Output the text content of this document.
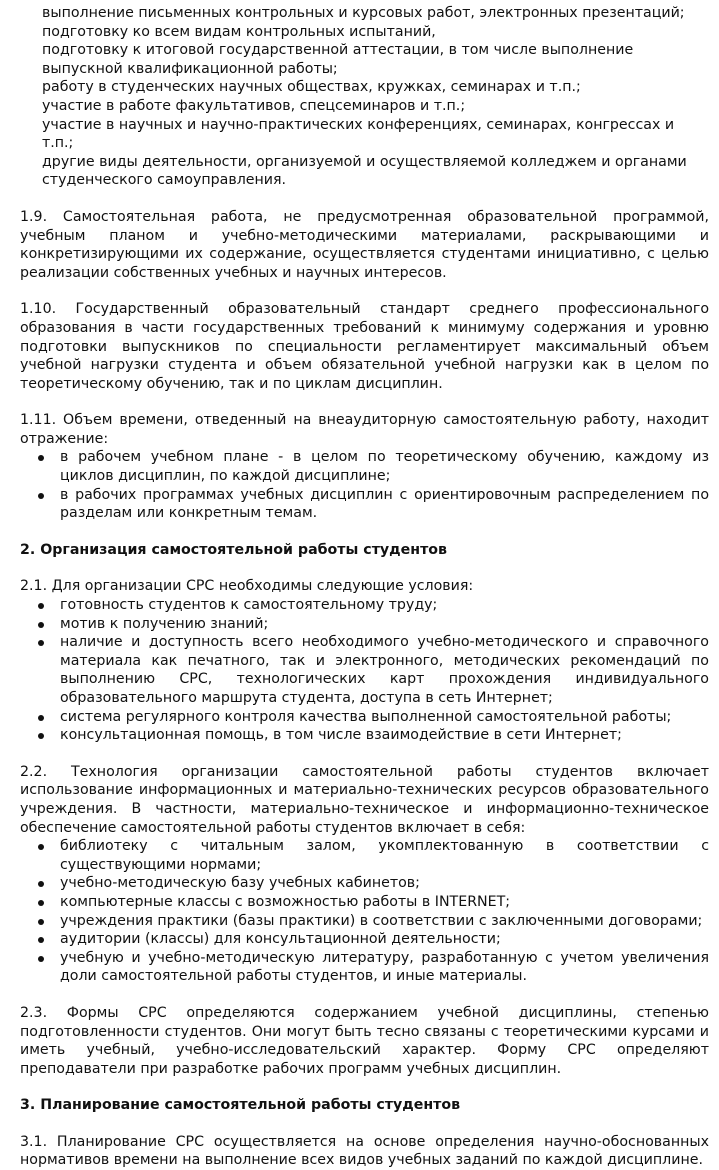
выполнение письменных контрольных и курсовых работ, электронных презентаций;

подготовку ко всем видам контрольных испытаний,

подготовку к итоговой государственной аттестации, в том числе выполнение выпускной квалификационной работы;

работу в студенческих научных обществах, кружках, семинарах и т.п.;

участие в работе факультативов, спецсеминаров и т.п.;

участие в научных и научно-практических конференциях, семинарах, конгрессах и т.п.;

другие виды деятельности, организуемой и осуществляемой колледжем и органами студенческого самоуправления.

1.9. Самостоятельная работа, не предусмотренная образовательной программой, учебным планом и учебно-методическими материалами, раскрывающими и конкретизирующими их содержание, осуществляется студентами инициативно, с целью реализации собственных учебных и научных интересов.

1.10. Государственный образовательный стандарт среднего профессионального образования в части государственных требований к минимуму содержания и уровню подготовки выпускников по специальности регламентирует максимальный объем учебной нагрузки студента и объем обязательной учебной нагрузки как в целом по теоретическому обучению, так и по циклам дисциплин.

1.11. Объем времени, отведенный на внеаудиторную самостоятельную работу, находит отражение:

в рабочем учебном плане - в целом по теоретическому обучению, каждому из циклов дисциплин, по каждой дисциплине;
в рабочих программах учебных дисциплин с ориентировочным распределением по разделам или конкретным темам.
2. Организация самостоятельной работы студентов

2.1. Для организации СРС необходимы следующие условия:

готовность студентов к самостоятельному труду;
мотив к получению знаний;
наличие и доступность всего необходимого учебно-методического и справочного материала как печатного, так и электронного, методических рекомендаций по выполнению СРС, технологических карт прохождения индивидуального образовательного маршрута студента, доступа в сеть Интернет;
система регулярного контроля качества выполненной самостоятельной работы;
консультационная помощь, в том числе взаимодействие в сети Интернет;

2.2. Технология организации самостоятельной работы студентов включает использование информационных и материально-технических ресурсов образовательного учреждения. В частности, материально-техническое и информационно-техническое обеспечение самостоятельной работы студентов включает в себя:

библиотеку с читальным залом, укомплектованную в соответствии с существующими нормами;
учебно-методическую базу учебных кабинетов;
компьютерные классы с возможностью работы в INTERNET;
учреждения практики (базы практики) в соответствии с заключенными договорами;
аудитории (классы) для консультационной деятельности;
учебную и учебно-методическую литературу, разработанную с учетом увеличения доли самостоятельной работы студентов, и иные материалы.

2.3. Формы СРС определяются содержанием учебной дисциплины, степенью подготовленности студентов. Они могут быть тесно связаны с теоретическими курсами и иметь учебный, учебно-исследовательский характер. Форму СРС определяют преподаватели при разработке рабочих программ учебных дисциплин.

3. Планирование самостоятельной работы студентов

3.1. Планирование СРС осуществляется на основе определения научно-обоснованных нормативов времени на выполнение всех видов учебных заданий по каждой дисциплине.
